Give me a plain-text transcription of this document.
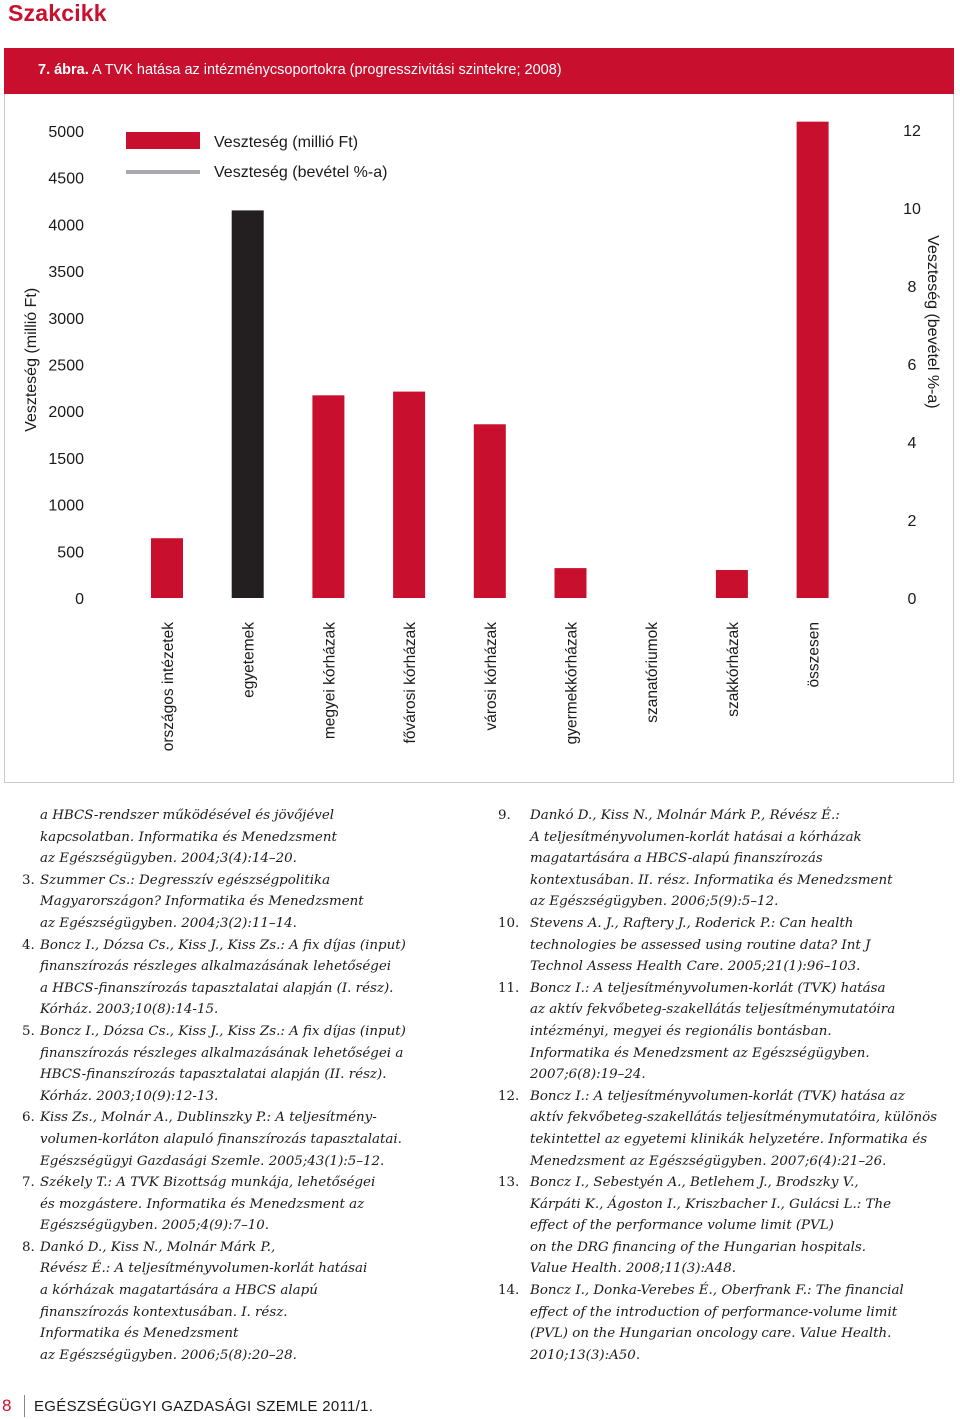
Szakcikk
7. ábra. A TVK hatása az intézménycsoportokra (progresszivitási szintekre; 2008)
0
500
1000
1500
2000
2500
3000
3500
4000
4500
5000
0
2
4
6
8
10
12
Veszteség (millió Ft)	Veszteség (bevétel %-a)
Veszteség (millió Ft)
Veszteség (bevétel %-a)
országos intézetek	egyetemek	megyei kórházak	fővárosi kórházak	városi kórházak	gyermekkórházak	szanatóriumok	szakkórházak	összesen
a HBCS-rendszer működésével és jövőjével
kapcsolatban. Informatika és Menedzsment
az Egészségügyben. 2004;3(4):14–20.
3. Szummer Cs.: Degresszív egészségpolitika
Magyarországon? Informatika és Menedzsment
az Egészségügyben. 2004;3(2):11–14.
4. Boncz I., Dózsa Cs., Kiss J., Kiss Zs.: A fix díjas (input)
finanszírozás részleges alkalmazásának lehetőségei
a HBCS-finanszírozás tapasztalatai alapján (I. rész).
Kórház. 2003;10(8):14-15.
5. Boncz I., Dózsa Cs., Kiss J., Kiss Zs.: A fix díjas (input)
finanszírozás részleges alkalmazásának lehetőségei a
HBCS-finanszírozás tapasztalatai alapján (II. rész).
Kórház. 2003;10(9):12-13.
6. Kiss Zs., Molnár A., Dublinszky P.: A teljesítmény-
volumen-korláton alapuló finanszírozás tapasztalatai.
Egészségügyi Gazdasági Szemle. 2005;43(1):5–12.
7. Székely T.: A TVK Bizottság munkája, lehetőségei
és mozgástere. Informatika és Menedzsment az
Egészségügyben. 2005;4(9):7–10.
8. Dankó D., Kiss N., Molnár Márk P.,
Révész É.: A teljesítményvolumen-korlát hatásai
a kórházak magatartására a HBCS alapú
finanszírozás kontextusában. I. rész.
Informatika és Menedzsment
az Egészségügyben. 2006;5(8):20–28.
9. Dankó D., Kiss N., Molnár Márk P., Révész É.:
A teljesítményvolumen-korlát hatásai a kórházak
magatartására a HBCS-alapú finanszírozás
kontextusában. II. rész. Informatika és Menedzsment
az Egészségügyben. 2006;5(9):5–12.
10. Stevens A. J., Raftery J., Roderick P.: Can health
technologies be assessed using routine data? Int J
Technol Assess Health Care. 2005;21(1):96–103.
11. Boncz I.: A teljesítményvolumen-korlát (TVK) hatása
az aktív fekvőbeteg-szakellátás teljesítménymutatóira
intézményi, megyei és regionális bontásban.
Informatika és Menedzsment az Egészségügyben.
2007;6(8):19–24.
12. Boncz I.: A teljesítményvolumen-korlát (TVK) hatása az
aktív fekvőbeteg-szakellátás teljesítménymutatóira, különös
tekintettel az egyetemi klinikák helyzetére. Informatika és
Menedzsment az Egészségügyben. 2007;6(4):21–26.
13. Boncz I., Sebestyén A., Betlehem J., Brodszky V.,
Kárpáti K., Ágoston I., Kriszbacher I., Gulácsi L.: The
effect of the performance volume limit (PVL)
on the DRG financing of the Hungarian hospitals.
Value Health. 2008;11(3):A48.
14. Boncz I., Donka-Verebes É., Oberfrank F.: The financial
effect of the introduction of performance-volume limit
(PVL) on the Hungarian oncology care. Value Health.
2010;13(3):A50.
8 EGÉSZSÉGÜGYI GAZDASÁGI SZEMLE 2011/1.
